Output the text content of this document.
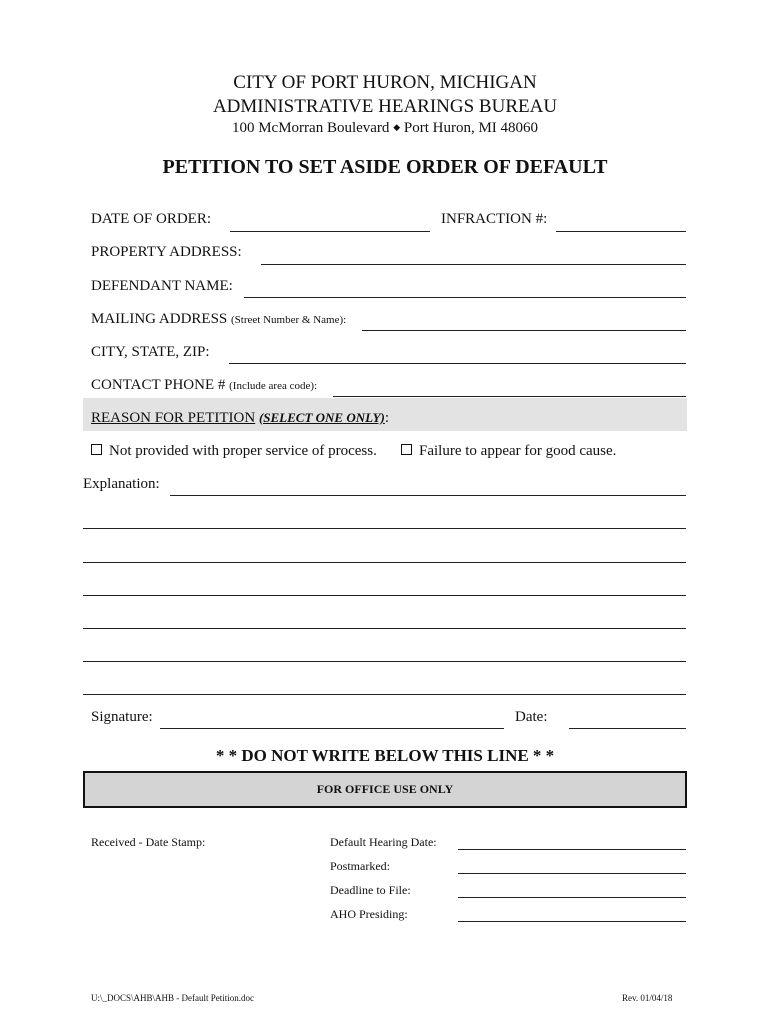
CITY OF PORT HURON, MICHIGAN
ADMINISTRATIVE HEARINGS BUREAU
100 McMorran Boulevard ◆ Port Huron, MI 48060
PETITION TO SET ASIDE ORDER OF DEFAULT
DATE OF ORDER:	INFRACTION #:
PROPERTY ADDRESS:
DEFENDANT NAME:
MAILING ADDRESS (Street Number & Name):
CITY, STATE, ZIP:
CONTACT PHONE # (Include area code):
REASON FOR PETITION (SELECT ONE ONLY):
Not provided with proper service of process.	Failure to appear for good cause.
Explanation:
Signature:	Date:
* * DO NOT WRITE BELOW THIS LINE * *
FOR OFFICE USE ONLY
Received - Date Stamp:	Default Hearing Date:
Postmarked:
Deadline to File:
AHO Presiding:
U:\_DOCS\AHB\AHB - Default Petition.doc	Rev. 01/04/18
